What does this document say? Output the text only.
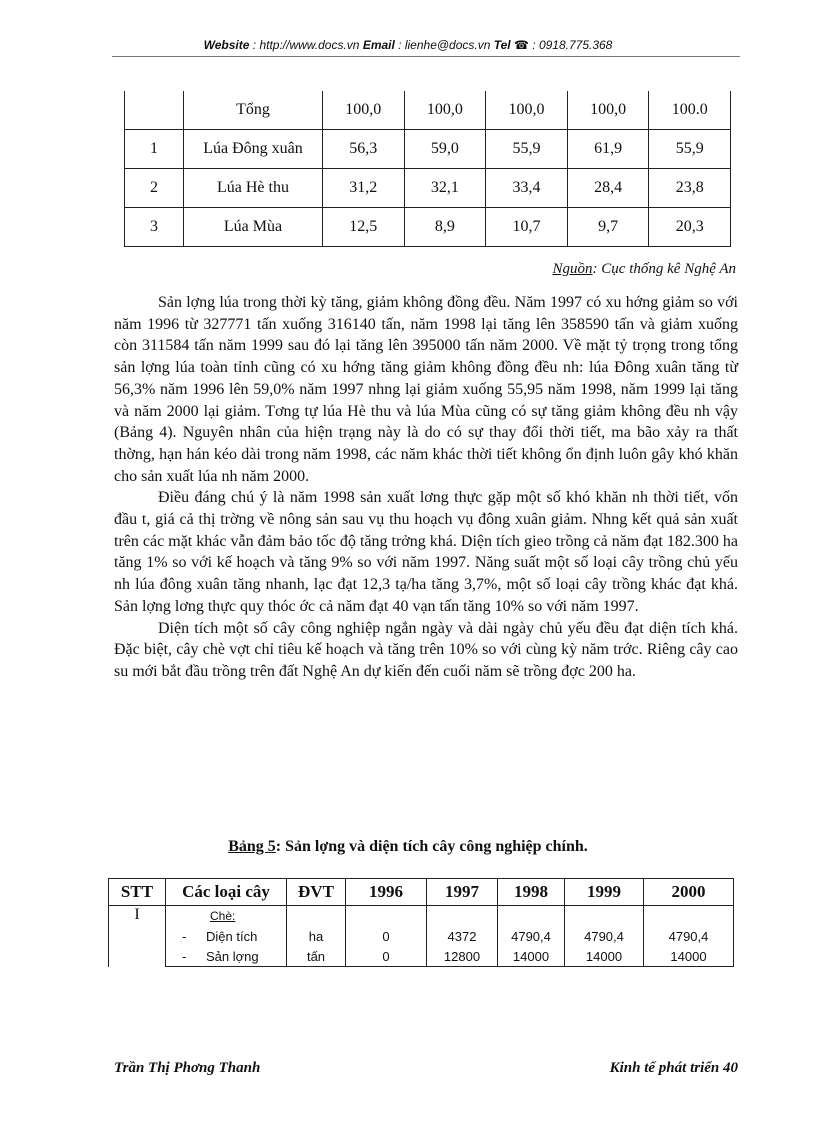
Website : http://www.docs.vn Email : lienhe@docs.vn Tel ☎ : 0918.775.368
	Tổng	100,0	100,0	100,0	100,0	100.0
1	Lúa Đông xuân	56,3	59,0	55,9	61,9	55,9
2	Lúa Hè thu	31,2	32,1	33,4	28,4	23,8
3	Lúa Mùa	12,5	8,9	10,7	9,7	20,3
Nguồn: Cục thống kê Nghệ An

Sản lợng lúa trong thời kỳ tăng, giảm không đồng đều. Năm 1997 có xu hớng giảm so với năm 1996 từ 327771 tấn xuống 316140 tấn, năm 1998 lại tăng lên 358590 tấn và giảm xuống còn 311584 tấn năm 1999 sau đó lại tăng lên 395000 tấn năm 2000. Về mặt tỷ trọng trong tổng sản lợng lúa toàn tỉnh cũng có xu hớng tăng giảm không đồng đều nh: lúa Đông xuân tăng từ 56,3% năm 1996 lên 59,0% năm 1997 nhng lại giảm xuống 55,95 năm 1998, năm 1999 lại tăng và năm 2000 lại giảm. Tơng tự lúa Hè thu và lúa Mùa cũng có sự tăng giảm không đều nh vậy (Bảng 4). Nguyên nhân của hiện trạng này là do có sự thay đổi thời tiết, ma bão xảy ra thất thờng, hạn hán kéo dài trong năm 1998, các năm khác thời tiết không ổn định luôn gây khó khăn cho sản xuất lúa nh năm 2000.

Điều đáng chú ý là năm 1998 sản xuất lơng thực gặp một số khó khăn nh thời tiết, vốn đầu t, giá cả thị trờng về nông sản sau vụ thu hoạch vụ đông xuân giảm. Nhng kết quả sản xuất trên các mặt khác vẫn đảm bảo tốc độ tăng trởng khá. Diện tích gieo trồng cả năm đạt 182.300 ha tăng 1% so với kế hoạch và tăng 9% so với năm 1997. Năng suất một số loại cây trồng chủ yếu nh lúa đông xuân tăng nhanh, lạc đạt 12,3 tạ/ha tăng 3,7%, một số loại cây trồng khác đạt khá. Sản lợng lơng thực quy thóc ớc cả năm đạt 40 vạn tấn tăng 10% so với năm 1997.

Diện tích một số cây công nghiệp ngắn ngày và dài ngày chủ yếu đều đạt diện tích khá. Đặc biệt, cây chè vợt chỉ tiêu kế hoạch và tăng trên 10% so với cùng kỳ năm trớc. Riêng cây cao su mới bắt đầu trồng trên đất Nghệ An dự kiến đến cuối năm sẽ trồng đợc 200 ha.

Bảng 5: Sản lợng và diện tích cây công nghiệp chính.
STT	Các loại cây	ĐVT	1996	1997	1998	1999	2000
I	Chè:						
	- Diện tích	ha	0	4372	4790,4	4790,4	4790,4
	- Sản lợng	tấn	0	12800	14000	14000	14000
Trần Thị Phơng Thanh	Kinh tế phát triển 40
